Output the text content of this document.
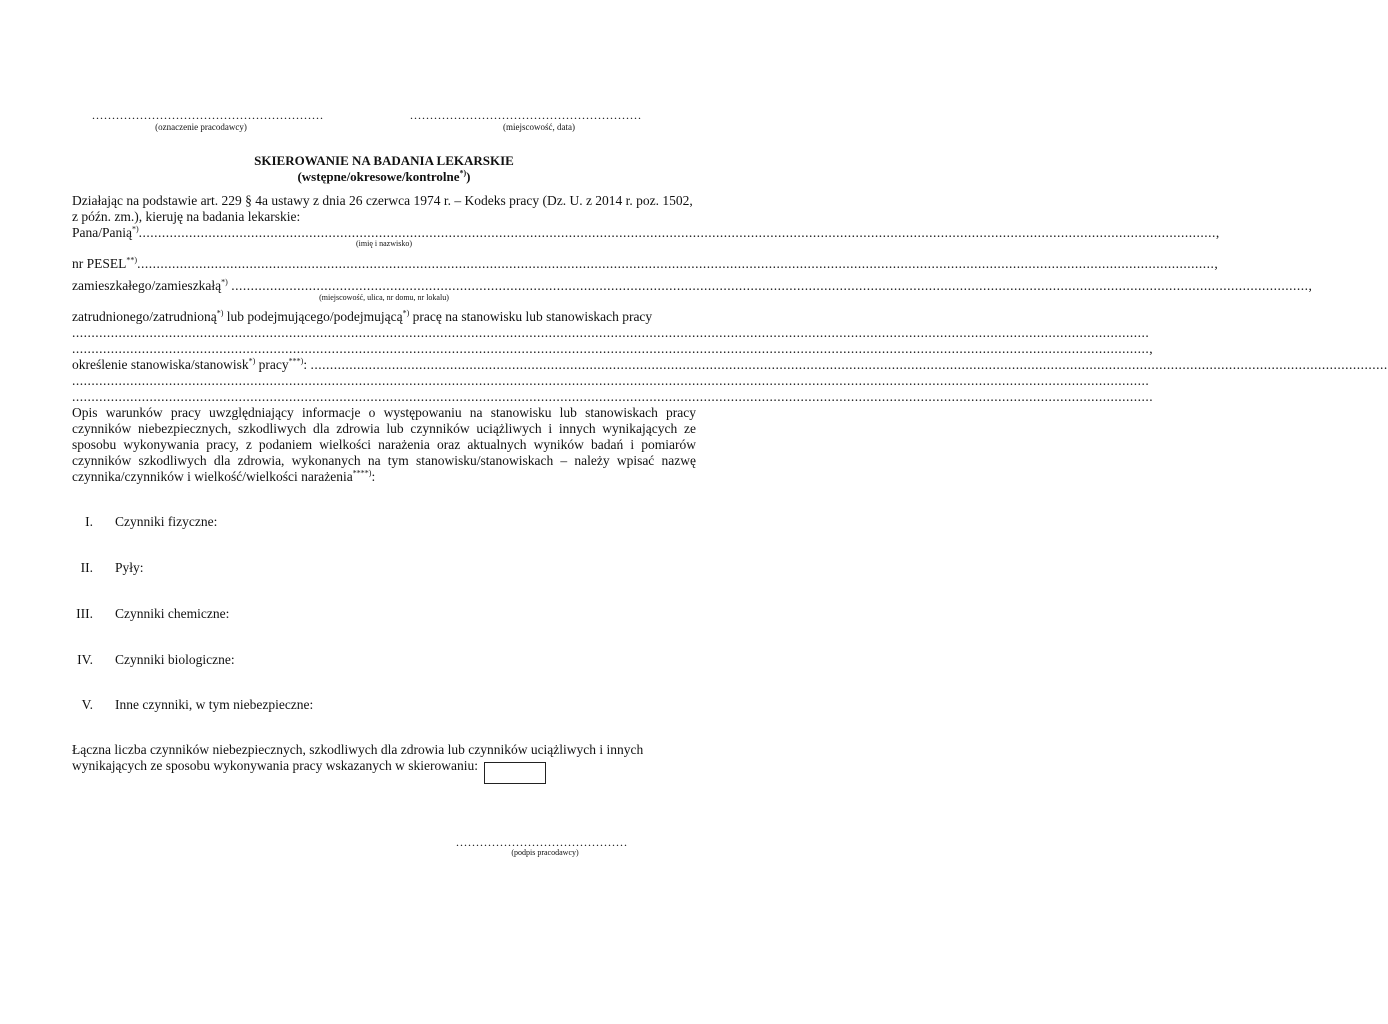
..........................................................
(oznaczenie pracodawcy)
..........................................................
(miejscowość, data)
SKIEROWANIE NA BADANIA LEKARSKIE
(wstępne/okresowe/kontrolne*))
Działając na podstawie art. 229 § 4a ustawy z dnia 26 czerwca 1974 r. – Kodeks pracy (Dz. U. z 2014 r. poz. 1502, z późn. zm.), kieruję na badania lekarskie:
Pana/Panią*) ...................................................................................................................................................................................................................................................................................... ,
(imię i nazwisko)
nr PESEL**) ...................................................................................................................................................................................................................................................................................... ,
zamieszkałego/zamieszkałą*) ...................................................................................................................................................................................................................................................................................... ,
(miejscowość, ulica, nr domu, nr lokalu)
zatrudnionego/zatrudnioną*) lub podejmującego/podejmującą*) pracę na stanowisku lub stanowiskach pracy
......................................................................................................................................................................................................................................................................................
...................................................................................................................................................................................................................................................................................... ,
określenie stanowiska/stanowisk*) pracy***): ......................................................................................................................................................................................................................................................................................
......................................................................................................................................................................................................................................................................................
...................................................................................................................................................................................................................................................................................... .
Opis warunków pracy uwzględniający informacje o występowaniu na stanowisku lub stanowiskach pracy czynników niebezpiecznych, szkodliwych dla zdrowia lub czynników uciążliwych i innych wynikających ze sposobu wykonywania pracy, z podaniem wielkości narażenia oraz aktualnych wyników badań i pomiarów czynników szkodliwych dla zdrowia, wykonanych na tym stanowisku/stanowiskach – należy wpisać nazwę czynnika/czynników i wielkość/wielkości narażenia****):
I. Czynniki fizyczne:
II. Pyły:
III. Czynniki chemiczne:
IV. Czynniki biologiczne:
V. Inne czynniki, w tym niebezpieczne:
Łączna liczba czynników niebezpiecznych, szkodliwych dla zdrowia lub czynników uciążliwych i innych
wynikających ze sposobu wykonywania pracy wskazanych w skierowaniu:
...........................................
(podpis pracodawcy)
